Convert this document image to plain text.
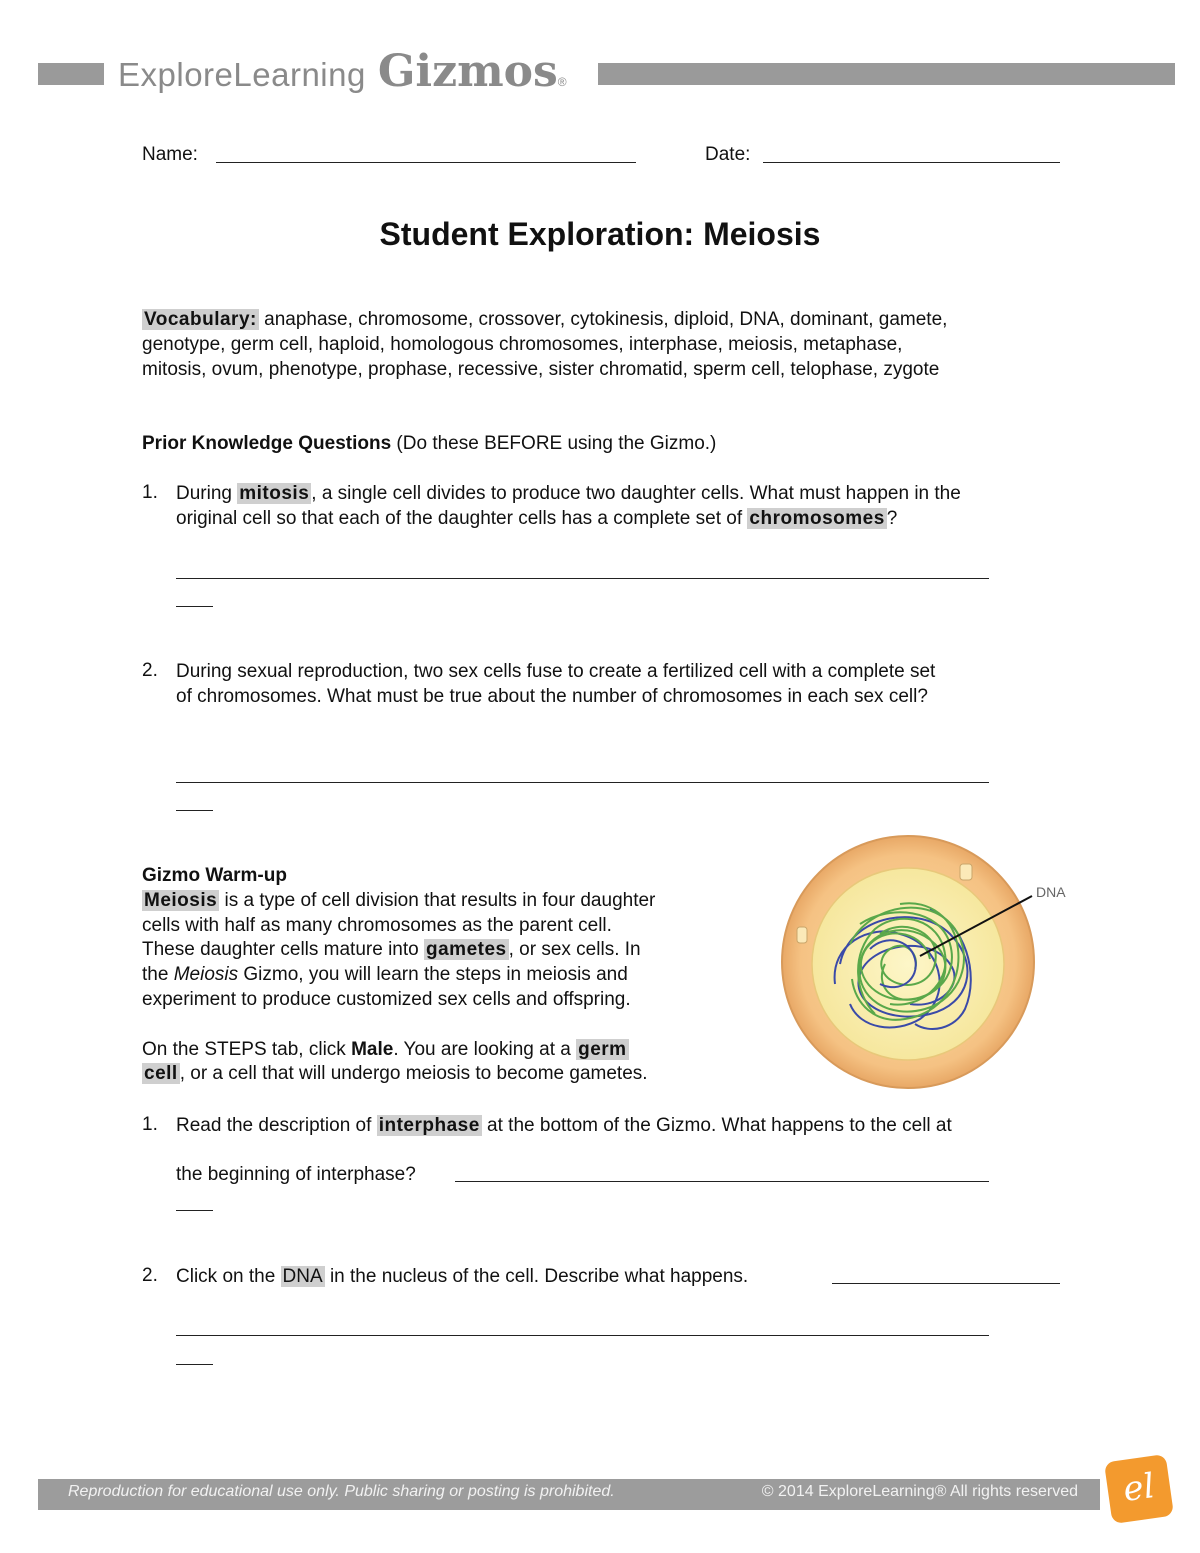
ExploreLearning Gizmos ®
Name:	Date:
Student Exploration: Meiosis
Vocabulary: anaphase, chromosome, crossover, cytokinesis, diploid, DNA, dominant, gamete,
genotype, germ cell, haploid, homologous chromosomes, interphase, meiosis, metaphase,
mitosis, ovum, phenotype, prophase, recessive, sister chromatid, sperm cell, telophase, zygote
Prior Knowledge Questions (Do these BEFORE using the Gizmo.)
1. During mitosis , a single cell divides to produce two daughter cells. What must happen in the
original cell so that each of the daughter cells has a complete set of chromosomes ?
2. During sexual reproduction, two sex cells fuse to create a fertilized cell with a complete set
of chromosomes. What must be true about the number of chromosomes in each sex cell?
Gizmo Warm-up
Meiosis is a type of cell division that results in four daughter
cells with half as many chromosomes as the parent cell.
These daughter cells mature into gametes , or sex cells. In
the Meiosis Gizmo, you will learn the steps in meiosis and
experiment to produce customized sex cells and offspring.
On the STEPS tab, click Male. You are looking at a germ
cell , or a cell that will undergo meiosis to become gametes.
DNA
1. Read the description of interphase at the bottom of the Gizmo. What happens to the cell at
the beginning of interphase?
2. Click on the DNA in the nucleus of the cell. Describe what happens.
Reproduction for educational use only. Public sharing or posting is prohibited.	© 2014 ExploreLearning® All rights reserved	el
